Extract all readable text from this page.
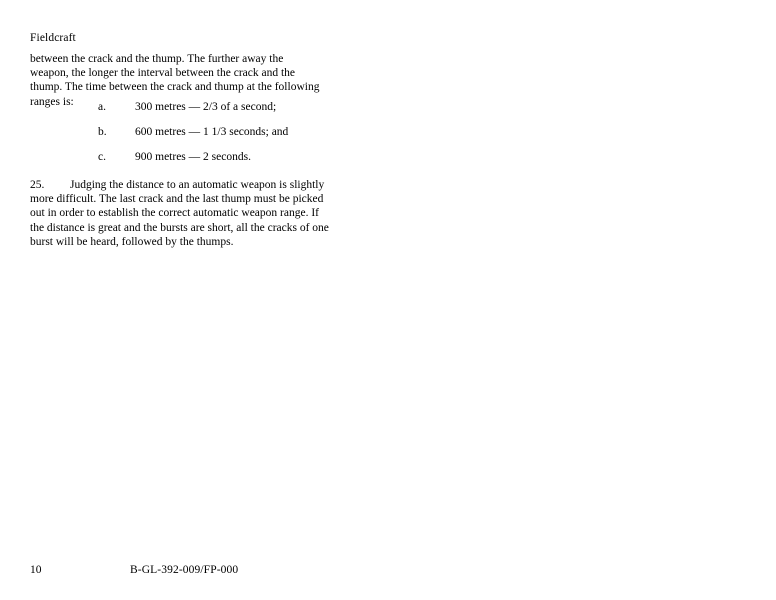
Fieldcraft

between the crack and the thump. The further away the weapon, the longer the interval between the crack and the thump. The time between the crack and thump at the following ranges is:	a.	300 metres — 2/3 of a second;
b. 600 metres — 1 1/3 seconds; and
c.	900 metres — 2 seconds.
25.	Judging the distance to an automatic weapon is slightly more difficult. The last crack and the last thump must be picked out in order to establish the correct automatic weapon range. If the distance is great and the bursts are short, all the cracks of one burst will be heard, followed by the thumps.
10	B-GL-392-009/FP-000
